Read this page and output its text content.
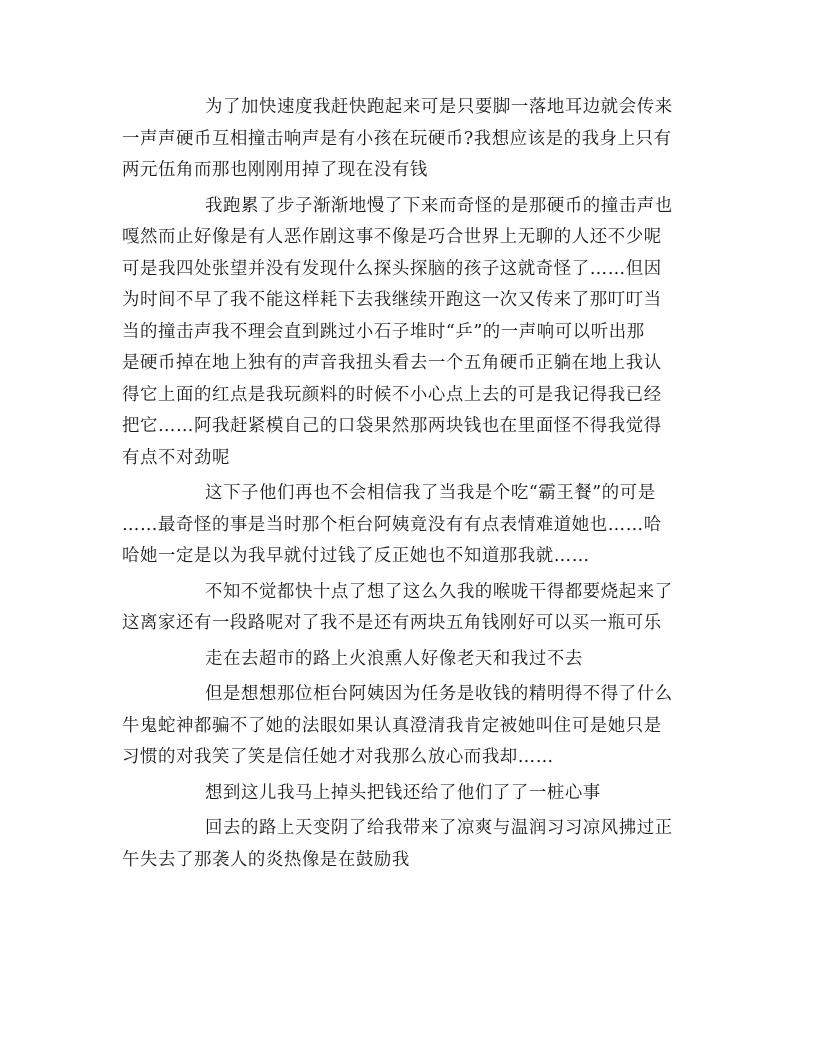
为了加快速度我赶快跑起来可是只要脚一落地耳边就会传来
一声声硬币互相撞击响声是有小孩在玩硬币?我想应该是的我身上只有
两元伍角而那也刚刚用掉了现在没有钱

我跑累了步子渐渐地慢了下来而奇怪的是那硬币的撞击声也
嘎然而止好像是有人恶作剧这事不像是巧合世界上无聊的人还不少呢
可是我四处张望并没有发现什么探头探脑的孩子这就奇怪了……但因
为时间不早了我不能这样耗下去我继续开跑这一次又传来了那叮叮当
当的撞击声我不理会直到跳过小石子堆时“乒”的一声响可以听出那
是硬币掉在地上独有的声音我扭头看去一个五角硬币正躺在地上我认
得它上面的红点是我玩颜料的时候不小心点上去的可是我记得我已经
把它……阿我赶紧模自己的口袋果然那两块钱也在里面怪不得我觉得
有点不对劲呢

这下子他们再也不会相信我了当我是个吃“霸王餐”的可是
……最奇怪的事是当时那个柜台阿姨竟没有有点表情难道她也……哈
哈她一定是以为我早就付过钱了反正她也不知道那我就……

不知不觉都快十点了想了这么久我的喉咙干得都要烧起来了
这离家还有一段路呢对了我不是还有两块五角钱刚好可以买一瓶可乐

走在去超市的路上火浪熏人好像老天和我过不去

但是想想那位柜台阿姨因为任务是收钱的精明得不得了什么
牛鬼蛇神都骗不了她的法眼如果认真澄清我肯定被她叫住可是她只是
习惯的对我笑了笑是信任她才对我那么放心而我却……

想到这儿我马上掉头把钱还给了他们了了一桩心事

回去的路上天变阴了给我带来了凉爽与温润习习凉风拂过正
午失去了那袭人的炎热像是在鼓励我
